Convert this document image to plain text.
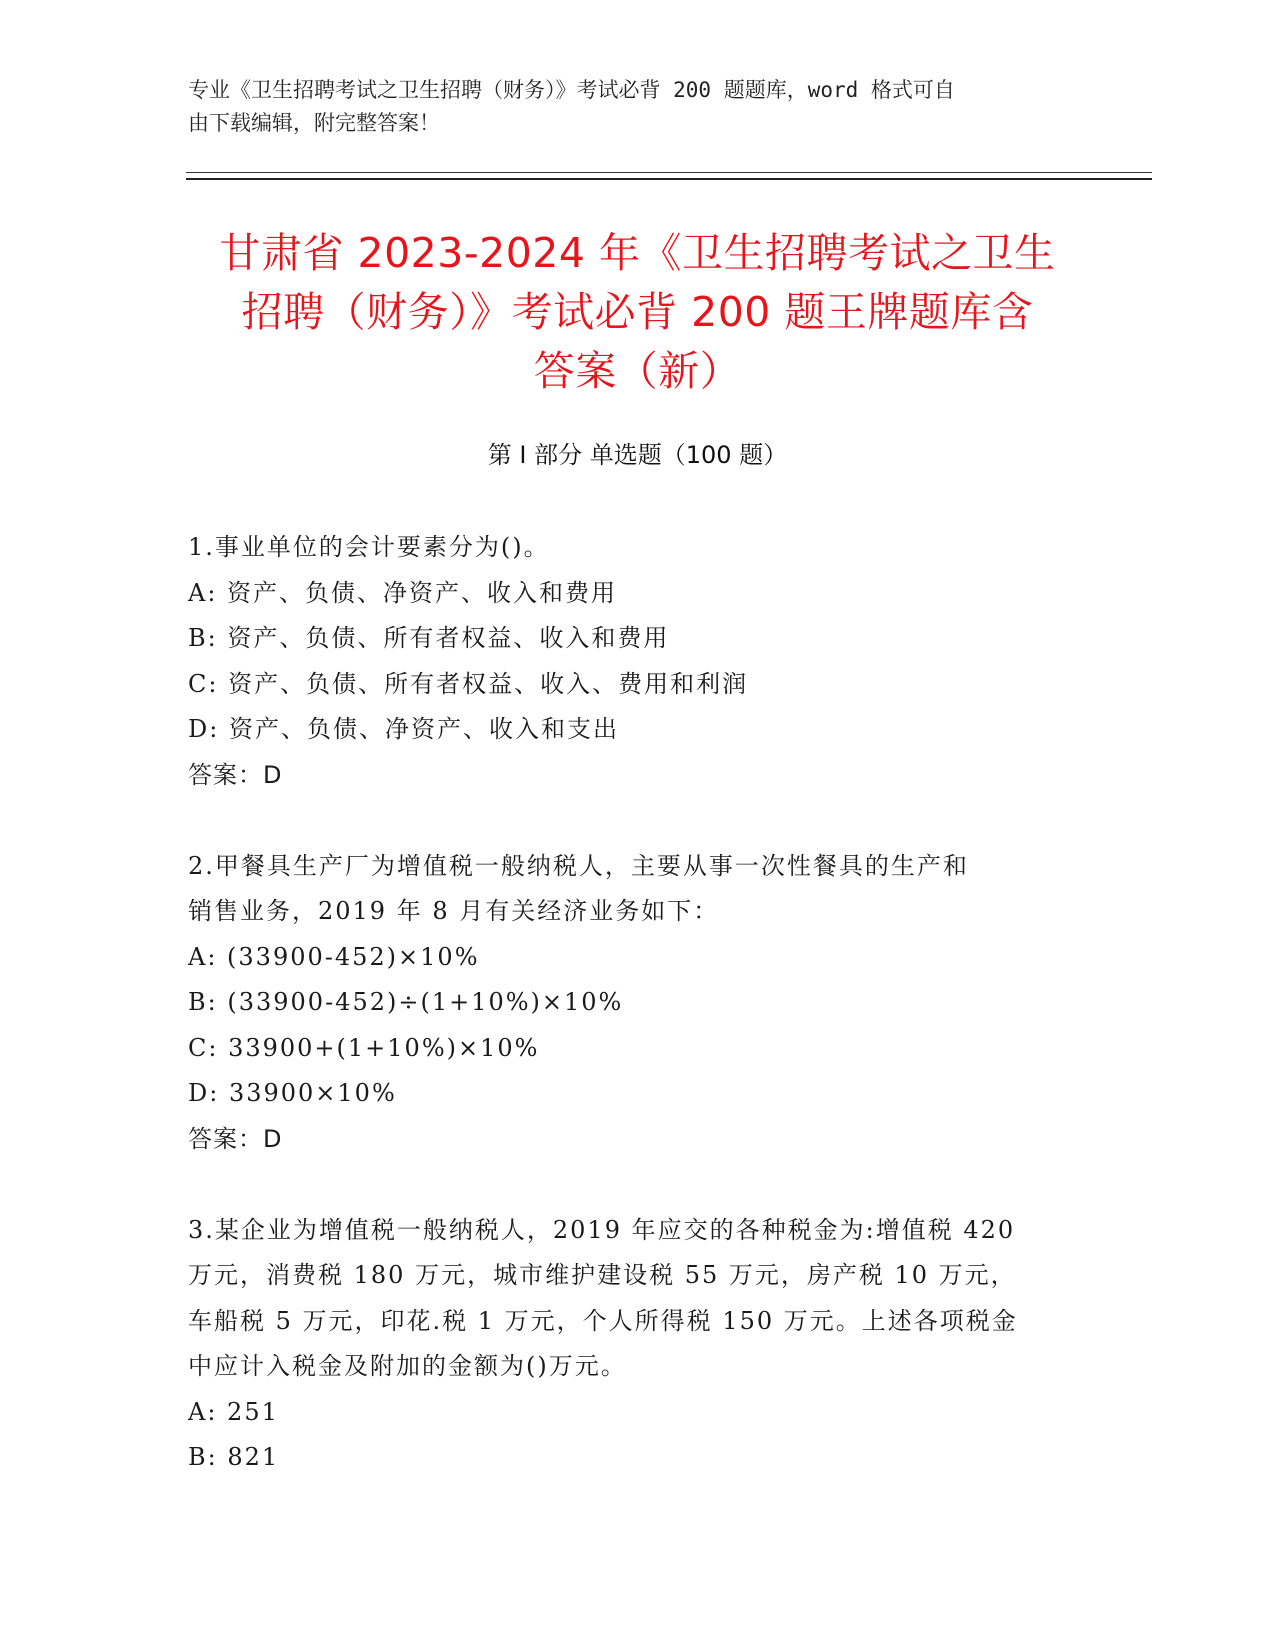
专业《卫生招聘考试之卫生招聘（财务）》考试必背 200 题题库，word 格式可自
由下载编辑，附完整答案！
甘肃省 2023-2024 年《卫生招聘考试之卫生
招聘（财务）》考试必背 200 题王牌题库含
答案（新）
第 I 部分 单选题（100 题）
1.事业单位的会计要素分为()。
A: 资产、负债、净资产、收入和费用
B: 资产、负债、所有者权益、收入和费用
C: 资产、负债、所有者权益、收入、费用和利润
D: 资产、负债、净资产、收入和支出
答案：D
2.甲餐具生产厂为增值税一般纳税人，主要从事一次性餐具的生产和
销售业务，2019 年 8 月有关经济业务如下：
A: (33900-452)×10%
B: (33900-452)÷(1+10%)×10%
C: 33900+(1+10%)×10%
D: 33900×10%
答案：D
3.某企业为增值税一般纳税人，2019 年应交的各种税金为:增值税 420
万元，消费税 180 万元，城市维护建设税 55 万元，房产税 10 万元，
车船税 5 万元，印花.税 1 万元，个人所得税 150 万元。上述各项税金
中应计入税金及附加的金额为()万元。
A: 251
B: 821
